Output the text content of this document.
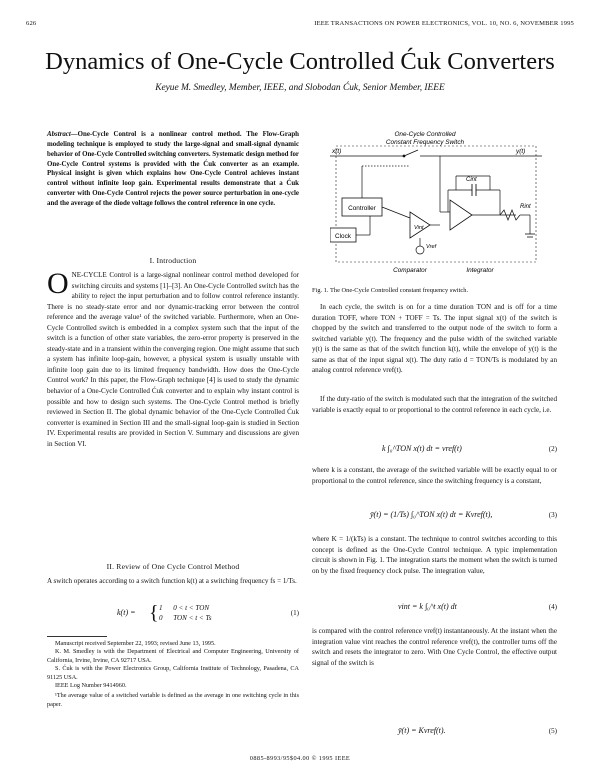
626	IEEE TRANSACTIONS ON POWER ELECTRONICS, VOL. 10, NO. 6, NOVEMBER 1995
Dynamics of One-Cycle Controlled Ćuk Converters
Keyue M. Smedley, Member, IEEE, and Slobodan Ćuk, Senior Member, IEEE
Abstract—One-Cycle Control is a nonlinear control method. The Flow-Graph modeling technique is employed to study the large-signal and small-signal dynamic behavior of One-Cycle Controlled switching converters. Systematic design method for One-Cycle Control systems is provided with the Ćuk converter as an example. Physical insight is given which explains how One-Cycle Control achieves instant control without infinite loop gain. Experimental results demonstrate that a Ćuk converter with One-Cycle Control rejects the power source perturbation in one-cycle and the average of the diode voltage follows the control reference in one cycle.
I. Introduction
ONE-CYCLE Control is a large-signal nonlinear control method developed for switching circuits and systems [1]–[3]. An One-Cycle Controlled switch has the ability to reject the input perturbation and to follow control reference instantly. There is no steady-state error and nor dynamic-tracking error between the control reference and the average value¹ of the switched variable. Furthermore, when an One-Cycle Controlled switch is embedded in a complex system such that the input of the switch is a function of other state variables, the zero-error property is preserved in the steady-state and in a transient within the converging region. One might assume that such a system has infinite loop-gain, however, a physical system is usually unstable with infinite loop gain due to its limited frequency bandwidth. How does the One-Cycle Control work? In this paper, the Flow-Graph technique [4] is used to study the dynamic behavior of a One-Cycle Controlled Ćuk converter and to explain why instant control is possible and how to design such systems. The One-Cycle Control method is briefly reviewed in Section II. The global dynamic behavior of the One-Cycle Controlled Ćuk converter is examined in Section III and the small-signal loop-gain is studied in Section IV. Experimental results are provided in Section V. Summary and discussions are given in Section VI.
II. Review of One Cycle Control Method
A switch operates according to a switch function k(t) at a switching frequency fs = 1/Ts.
k(t) = { 1      0 < t < TON
0      TON < t < Ts
(1)
Manuscript received September 22, 1993; revised June 13, 1995.
K. M. Smedley is with the Department of Electrical and Computer Engineering, University of California, Irvine, Irvine, CA 92717 USA.
S. Ćuk is with the Power Electronics Group, California Institute of Technology, Pasadena, CA 91125 USA.
IEEE Log Number 9414960.
¹The average value of a switched variable is defined as the average in one switching cycle in this paper.
One-Cycle Controlled
Constant Frequency Switch
x(t)	y(t)
Controller
Cint
Rint
Vint
Vref
Clock
Comparator	Integrator
Fig. 1. The One-Cycle Controlled constant frequency switch.
In each cycle, the switch is on for a time duration TON and is off for a time duration TOFF, where TON + TOFF = Ts. The input signal x(t) of the switch is chopped by the switch and transferred to the output node of the switch to form a switched variable y(t). The frequency and the pulse width of the switched variable y(t) is the same as that of the switch function k(t), while the envelope of y(t) is the same as that of the input signal x(t). The duty ratio d = TON/Ts is modulated by an analog control reference vref(t).
If the duty-ratio of the switch is modulated such that the integration of the switched variable is exactly equal to or proportional to the control reference in each cycle, i.e.
k ∫₀^TON x(t) dt = vref(t)	(2)
where k is a constant, the average of the switched variable will be exactly equal to or proportional to the control reference, since the switching frequency is a constant,
ȳ(t) = (1/Ts) ∫₀^TON x(t) dt = Kvref(t),	(3)
where K = 1/(kTs) is a constant. The technique to control switches according to this concept is defined as the One-Cycle Control technique. A typic implementation circuit is shown in Fig. 1. The integration starts the moment when the switch is turned on by the fixed frequency clock pulse. The integration value,
vint = k ∫₀^t x(t) dt	(4)
is compared with the control reference vref(t) instantaneously. At the instant when the integration value vint reaches the control reference vref(t), the controller turns off the switch and resets the integrator to zero. With One Cycle Control, the effective output signal of the switch is
ȳ(t) = Kvref(t).	(5)
0885-8993/95$04.00 © 1995 IEEE
